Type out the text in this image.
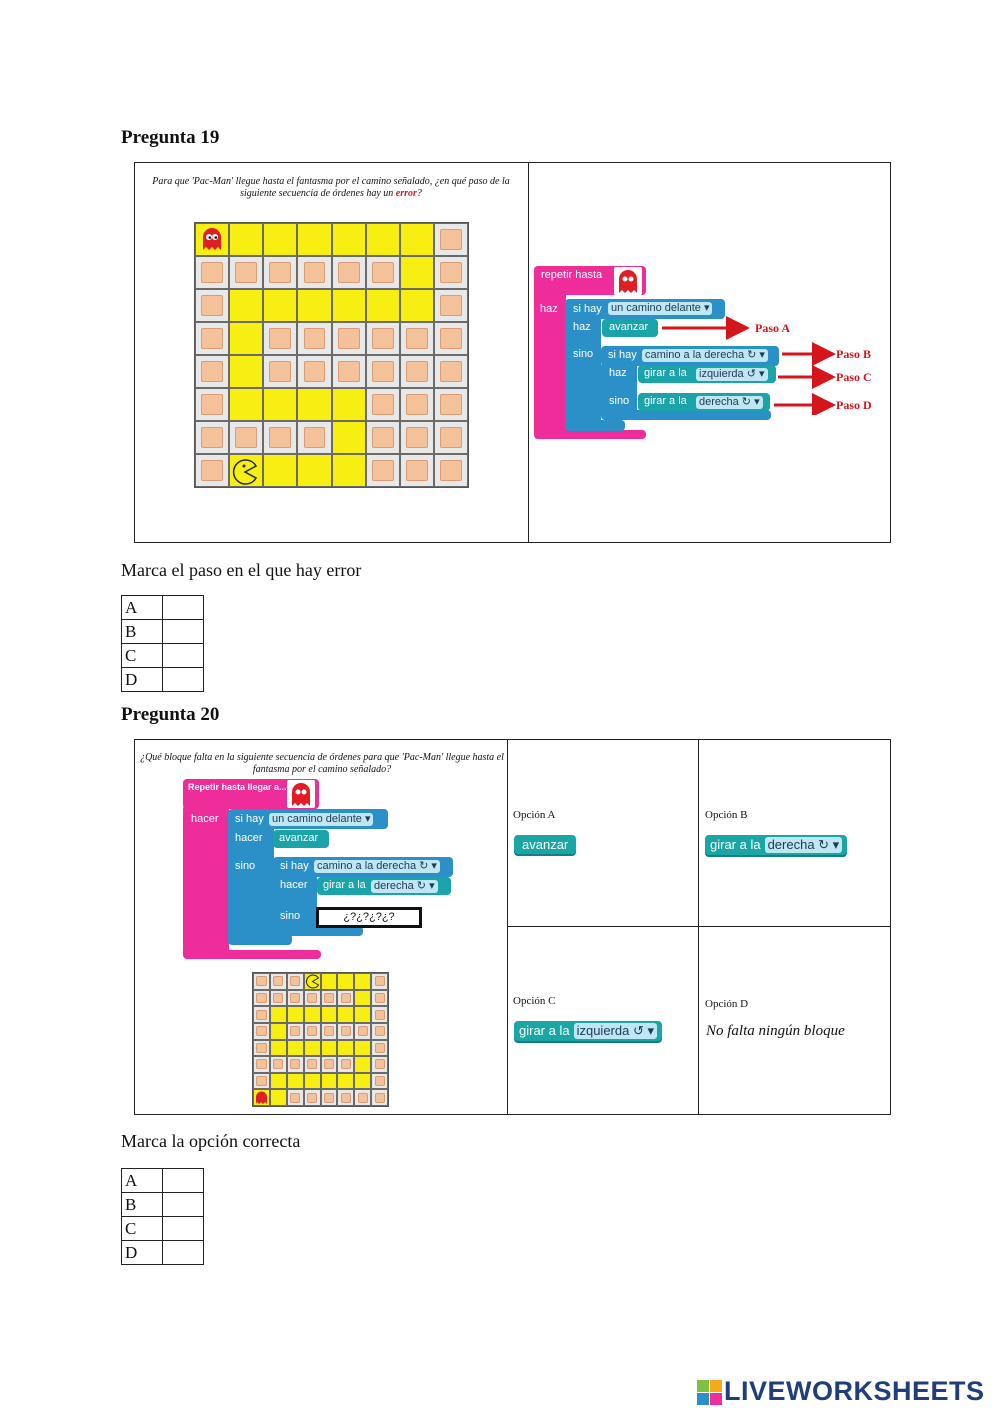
Pregunta 19
Para que 'Pac-Man' llegue hasta el fantasma por el camino señalado, ¿en qué paso de la siguiente secuencia de órdenes hay un error?
repetir hasta
haz si hay un camino delante ▾
haz avanzar
sino si hay camino a la derecha ↻ ▾
haz girar a la izquierda ↺ ▾
sino girar a la derecha ↻ ▾
Paso A
Paso B
Paso C
Paso D
Marca el paso en el que hay error
A	
B	
C	
D	
Pregunta 20
¿Qué bloque falta en la siguiente secuencia de órdenes para que 'Pac-Man' llegue hasta el fantasma por el camino señalado?
Repetir hasta llegar a...
hacer si hay un camino delante ▾
hacer avanzar
sino si hay camino a la derecha ↻ ▾
hacer girar a la derecha ↻ ▾
sino	¿?¿?¿?¿?
Opción A
avanzar
Opción B
girar a la derecha ↻ ▾
Opción C
girar a la izquierda ↺ ▾
Opción D
No falta ningún bloque
Marca la opción correcta
A	
B	
C	
D	
LIVEWORKSHEETS
